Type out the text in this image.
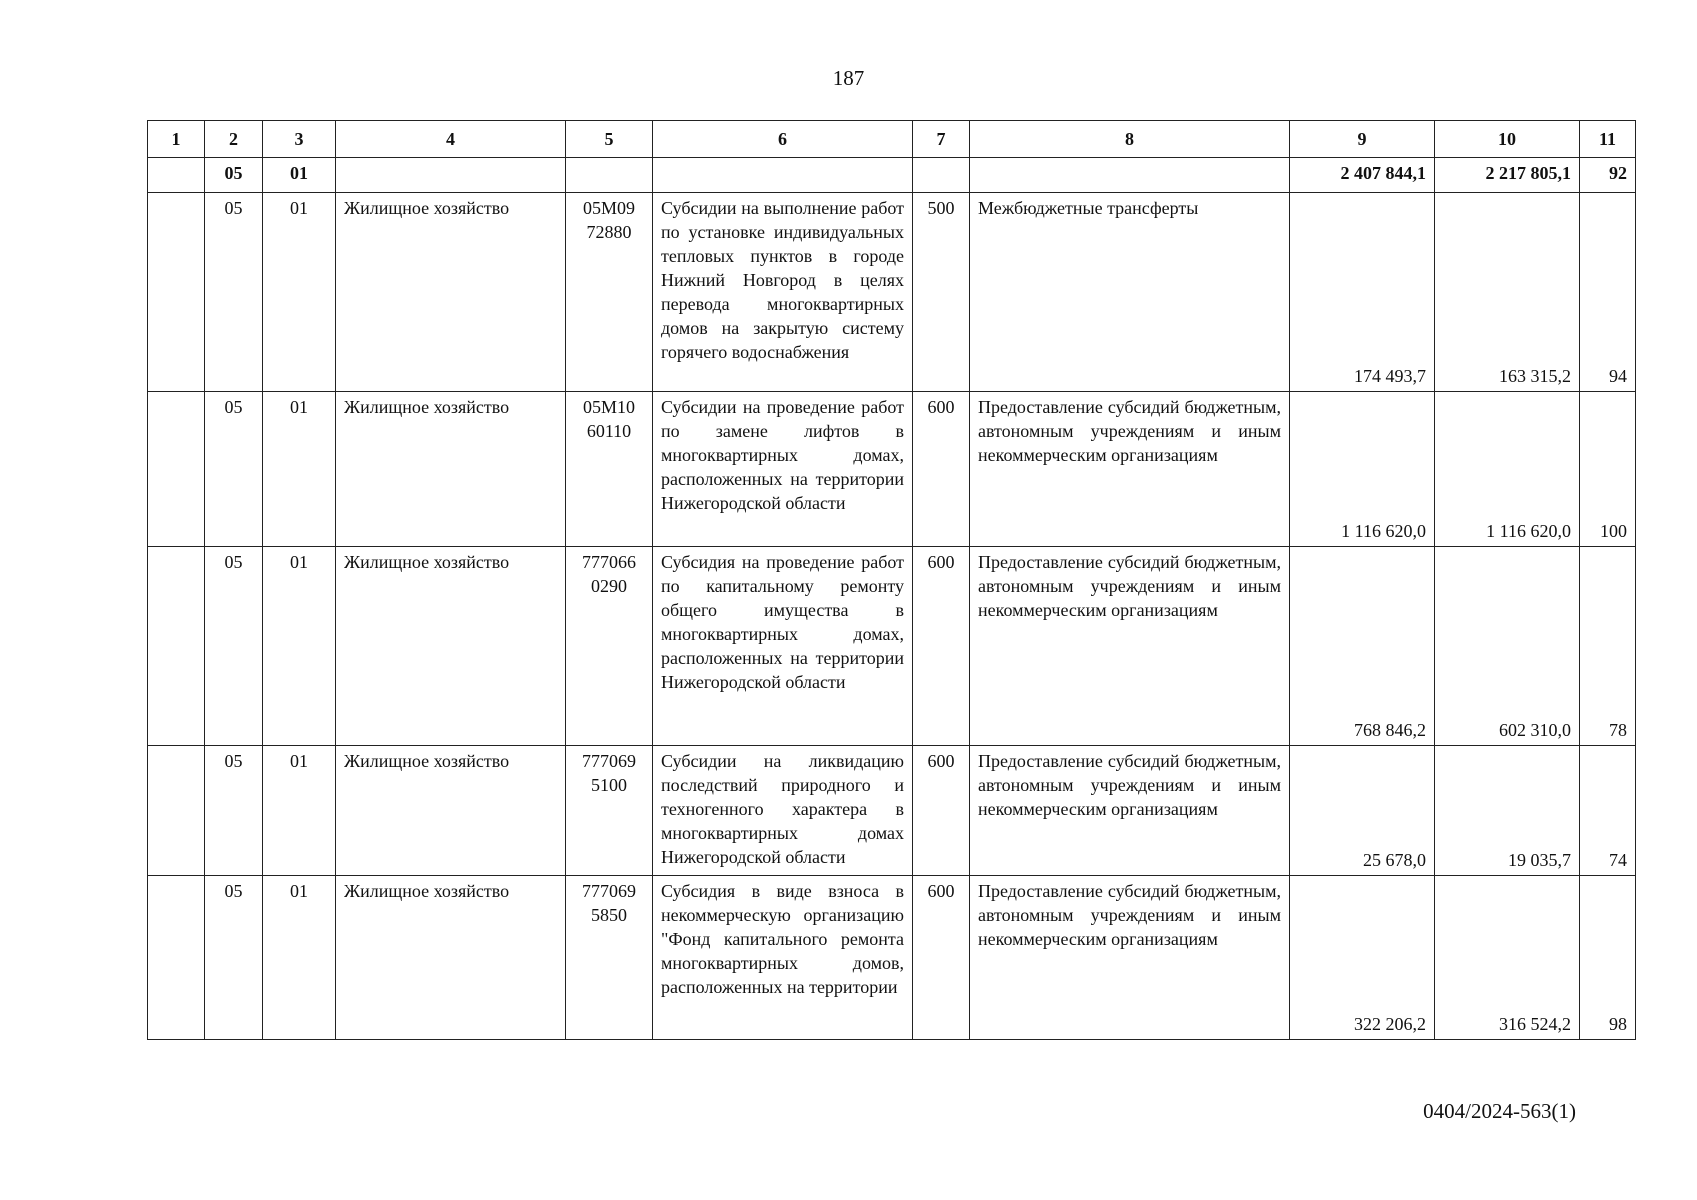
187
1	2	3	4	5	6	7	8	9	10	11
	05	01						2 407 844,1	2 217 805,1	92
	05	01	Жилищное хозяйство	05М09 72880	Субсидии на выполнение работ по установке индивидуальных тепловых пунктов в городе Нижний Новгород в целях перевода многоквартирных домов на закрытую систему горячего водоснабжения	500	Межбюджетные трансферты	174 493,7	163 315,2	94
	05	01	Жилищное хозяйство	05М10 60110	Субсидии на проведение работ по замене лифтов в многоквартирных домах, расположенных на территории Нижегородской области	600	Предоставление субсидий бюджетным, автономным учреждениям и иным некоммерческим организациям	1 116 620,0	1 116 620,0	100
	05	01	Жилищное хозяйство	777066 0290	Субсидия на проведение работ по капитальному ремонту общего имущества в многоквартирных домах, расположенных на территории Нижегородской области	600	Предоставление субсидий бюджетным, автономным учреждениям и иным некоммерческим организациям	768 846,2	602 310,0	78
	05	01	Жилищное хозяйство	777069 5100	Субсидии на ликвидацию последствий природного и техногенного характера в многоквартирных домах Нижегородской области	600	Предоставление субсидий бюджетным, автономным учреждениям и иным некоммерческим организациям	25 678,0	19 035,7	74
	05	01	Жилищное хозяйство	777069 5850	Субсидия в виде взноса в некоммерческую организацию "Фонд капитального ремонта многоквартирных домов, расположенных на территории	600	Предоставление субсидий бюджетным, автономным учреждениям и иным некоммерческим организациям	322 206,2	316 524,2	98
0404/2024-563(1)
